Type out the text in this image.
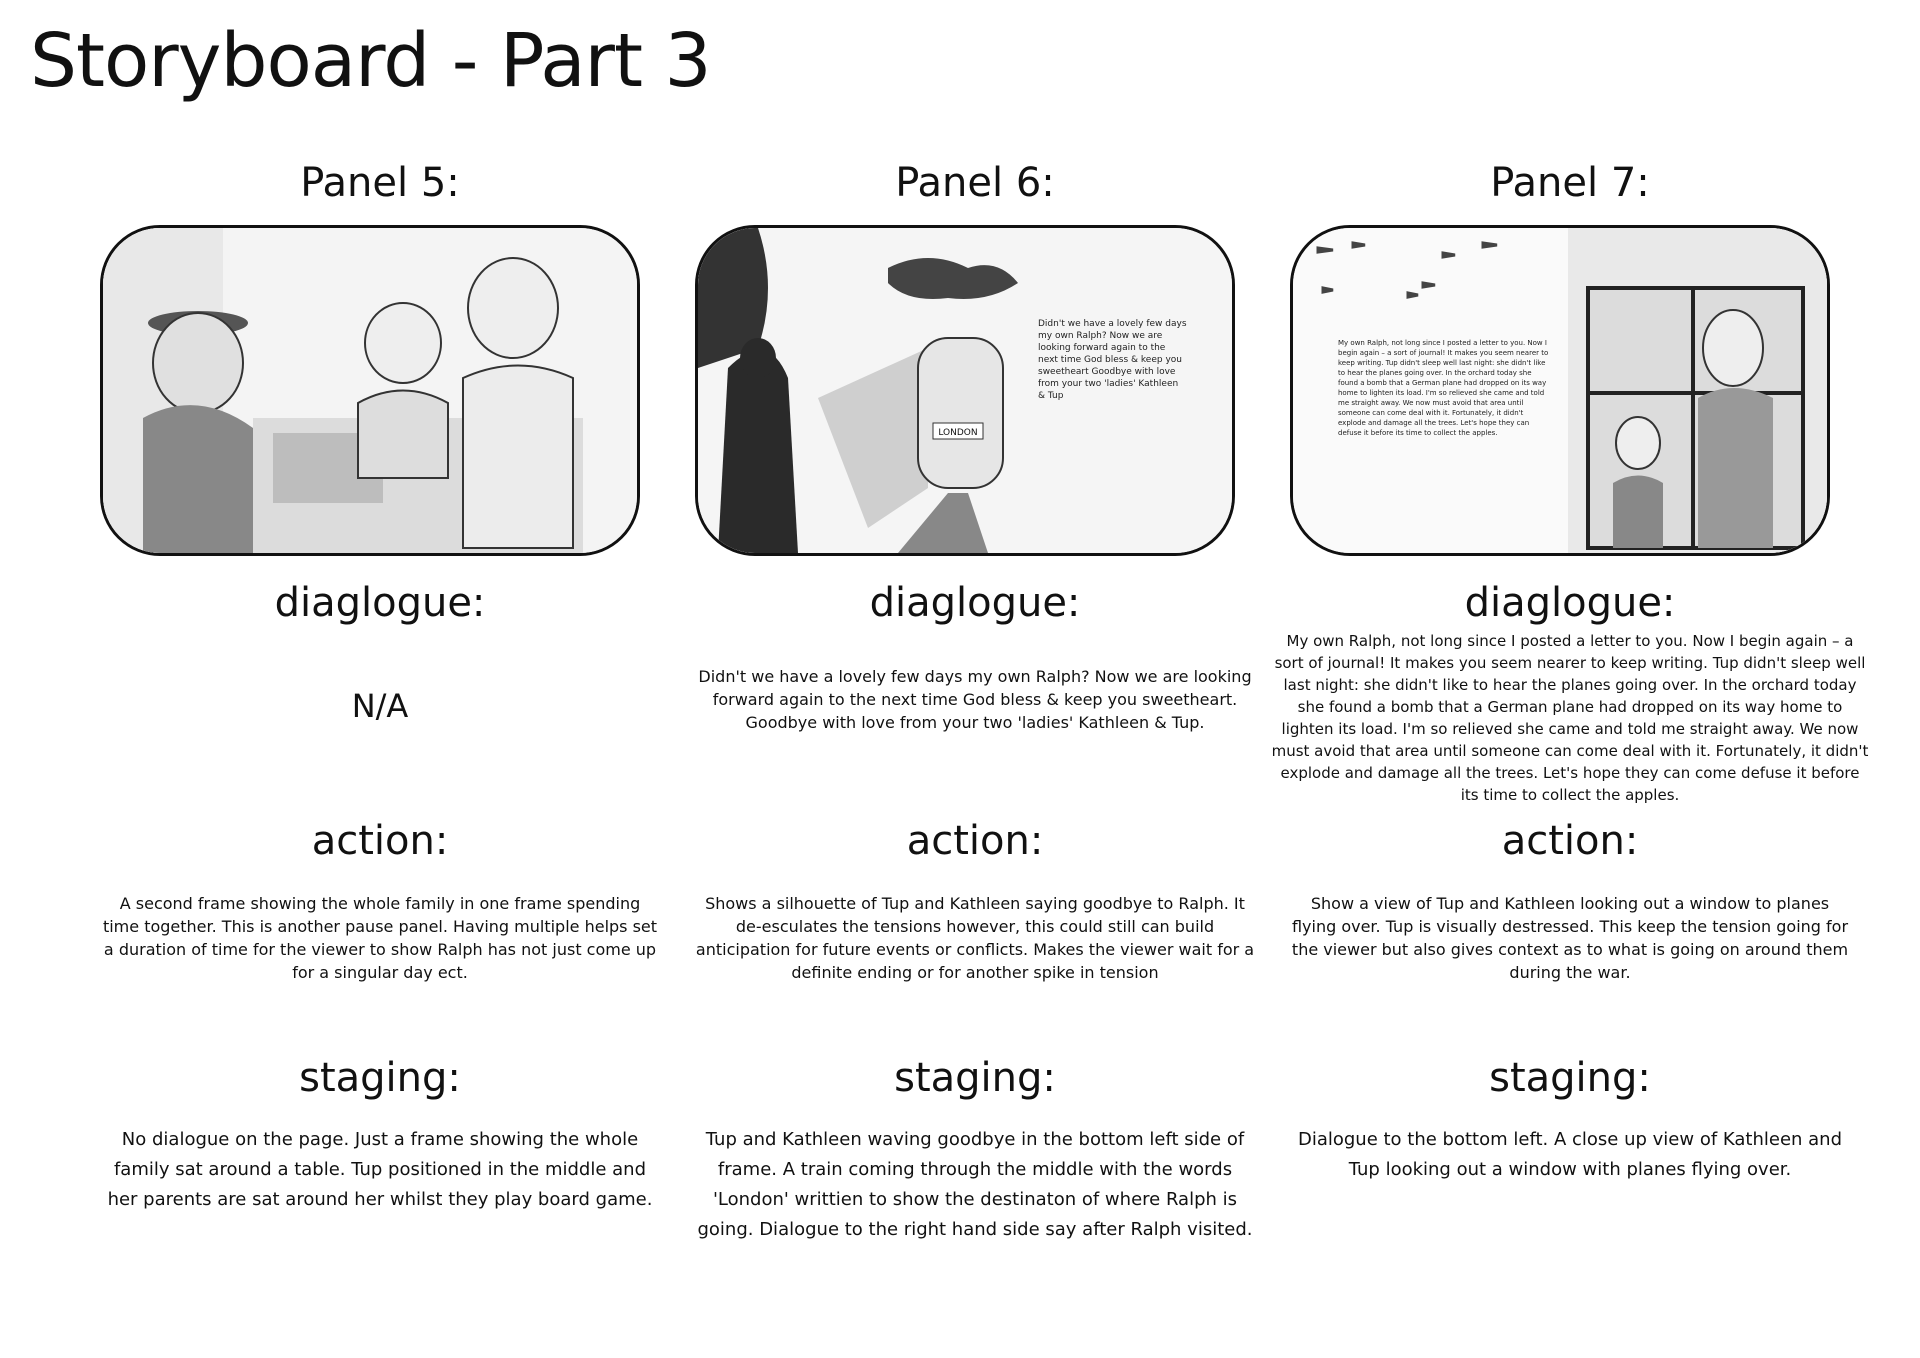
Storyboard - Part 3
Panel 5:
diaglogue:
N/A
action:
A second frame showing the whole family in one frame spending time together. This is another pause panel. Having multiple helps set a duration of time for the viewer to show Ralph has not just come up for a singular day ect.
staging:
No dialogue on the page. Just a frame showing the whole family sat around a table. Tup positioned in the middle and her parents are sat around her whilst they play board game.
Panel 6:
LONDON
Didn't we have a lovely few days my own Ralph? Now we are looking forward again to the next time God bless & keep you sweetheart Goodbye with love from your two 'ladies' Kathleen & Tup
diaglogue:
Didn't we have a lovely few days my own Ralph? Now we are looking forward again to the next time God bless & keep you sweetheart. Goodbye with love from your two 'ladies' Kathleen & Tup.
action:
Shows a silhouette of Tup and Kathleen saying goodbye to Ralph. It de-esculates the tensions however, this could still can build anticipation for future events or conflicts. Makes the viewer wait for a definite ending or for another spike in tension
staging:
Tup and Kathleen waving goodbye in the bottom left side of frame. A train coming through the middle with the words 'London' writtien to show the destinaton of where Ralph is going. Dialogue to the right hand side say after Ralph visited.
Panel 7:
My own Ralph, not long since I posted a letter to you. Now I begin again – a sort of journal! It makes you seem nearer to keep writing. Tup didn't sleep well last night: she didn't like to hear the planes going over. In the orchard today she found a bomb that a German plane had dropped on its way home to lighten its load. I'm so relieved she came and told me straight away. We now must avoid that area until someone can come deal with it. Fortunately, it didn't explode and damage all the trees. Let's hope they can defuse it before its time to collect the apples.
diaglogue:
My own Ralph, not long since I posted a letter to you. Now I begin again – a sort of journal! It makes you seem nearer to keep writing. Tup didn't sleep well last night: she didn't like to hear the planes going over. In the orchard today she found a bomb that a German plane had dropped on its way home to lighten its load. I'm so relieved she came and told me straight away. We now must avoid that area until someone can come deal with it. Fortunately, it didn't explode and damage all the trees. Let's hope they can come defuse it before its time to collect the apples.
action:
Show a view of Tup and Kathleen looking out a window to planes flying over. Tup is visually destressed. This keep the tension going for the viewer but also gives context as to what is going on around them during the war.
staging:
Dialogue to the bottom left. A close up view of Kathleen and Tup looking out a window with planes flying over.
